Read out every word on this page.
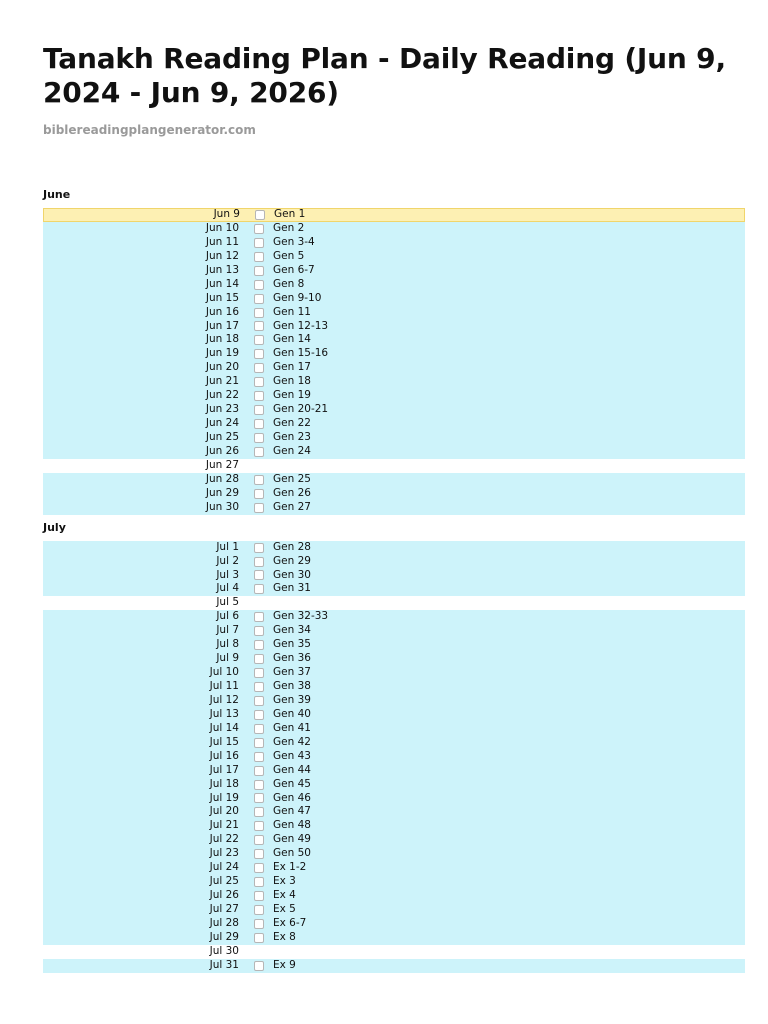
Tanakh Reading Plan - Daily Reading (Jun 9, 2024 - Jun 9, 2026)

biblereadingplangenerator.com

June
Jun 9	Gen 1
Jun 10	Gen 2
Jun 11	Gen 3-4
Jun 12	Gen 5
Jun 13	Gen 6-7
Jun 14	Gen 8
Jun 15	Gen 9-10
Jun 16	Gen 11
Jun 17	Gen 12-13
Jun 18	Gen 14
Jun 19	Gen 15-16
Jun 20	Gen 17
Jun 21	Gen 18
Jun 22	Gen 19
Jun 23	Gen 20-21
Jun 24	Gen 22
Jun 25	Gen 23
Jun 26	Gen 24
Jun 27
Jun 28	Gen 25
Jun 29	Gen 26
Jun 30	Gen 27
July
Jul 1	Gen 28
Jul 2	Gen 29
Jul 3	Gen 30
Jul 4	Gen 31
Jul 5
Jul 6	Gen 32-33
Jul 7	Gen 34
Jul 8	Gen 35
Jul 9	Gen 36
Jul 10	Gen 37
Jul 11	Gen 38
Jul 12	Gen 39
Jul 13	Gen 40
Jul 14	Gen 41
Jul 15	Gen 42
Jul 16	Gen 43
Jul 17	Gen 44
Jul 18	Gen 45
Jul 19	Gen 46
Jul 20	Gen 47
Jul 21	Gen 48
Jul 22	Gen 49
Jul 23	Gen 50
Jul 24	Ex 1-2
Jul 25	Ex 3
Jul 26	Ex 4
Jul 27	Ex 5
Jul 28	Ex 6-7
Jul 29	Ex 8
Jul 30
Jul 31	Ex 9
